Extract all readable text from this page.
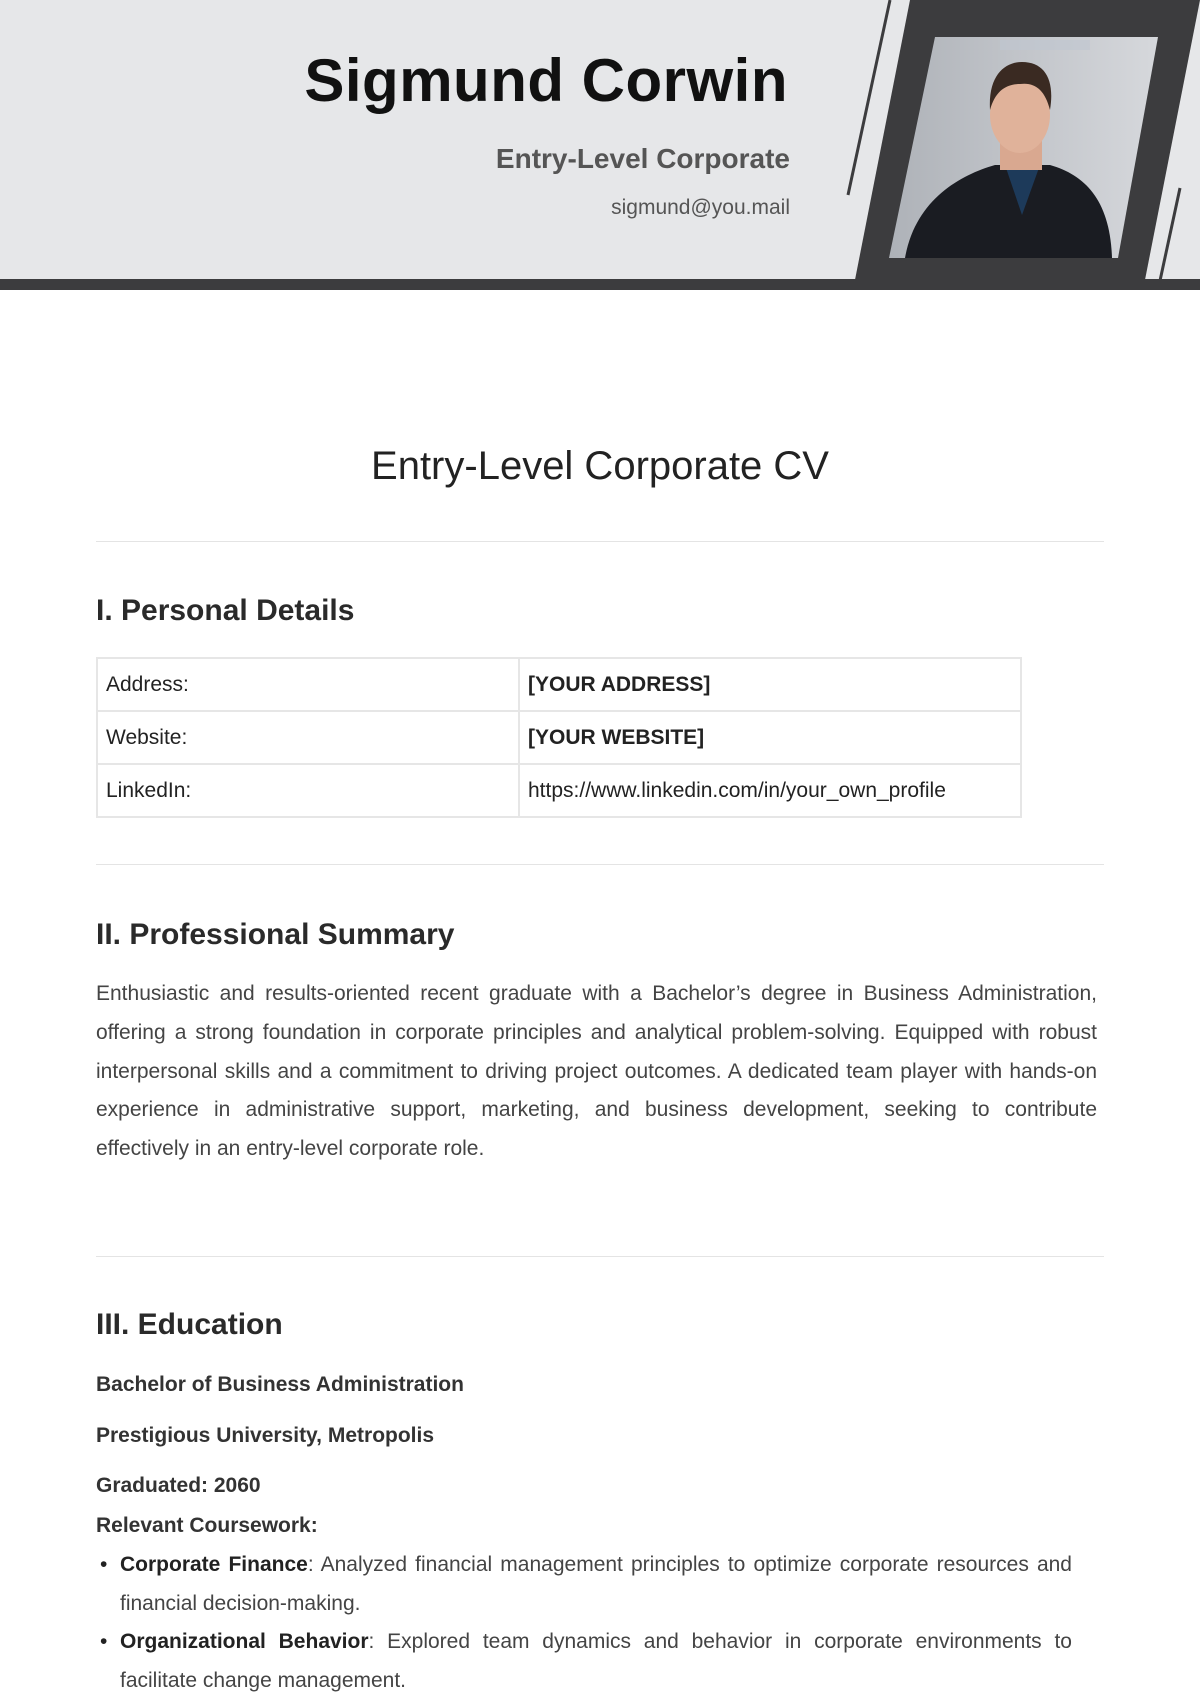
Sigmund Corwin
Entry-Level Corporate
sigmund@you.mail
Entry-Level Corporate CV
I. Personal Details
Address:	[YOUR ADDRESS]
Website:	[YOUR WEBSITE]
LinkedIn:	https://www.linkedin.com/in/your_own_profile
II. Professional Summary
Enthusiastic and results-oriented recent graduate with a Bachelor’s degree in Business Administration, offering a strong foundation in corporate principles and analytical problem-solving. Equipped with robust interpersonal skills and a commitment to driving project outcomes. A dedicated team player with hands-on experience in administrative support, marketing, and business development, seeking to contribute effectively in an entry-level corporate role.
III. Education
Bachelor of Business Administration
Prestigious University, Metropolis
Graduated: 2060
Relevant Coursework:
• Corporate Finance: Analyzed financial management principles to optimize corporate resources and financial decision-making.
• Organizational Behavior: Explored team dynamics and behavior in corporate environments to facilitate change management.
